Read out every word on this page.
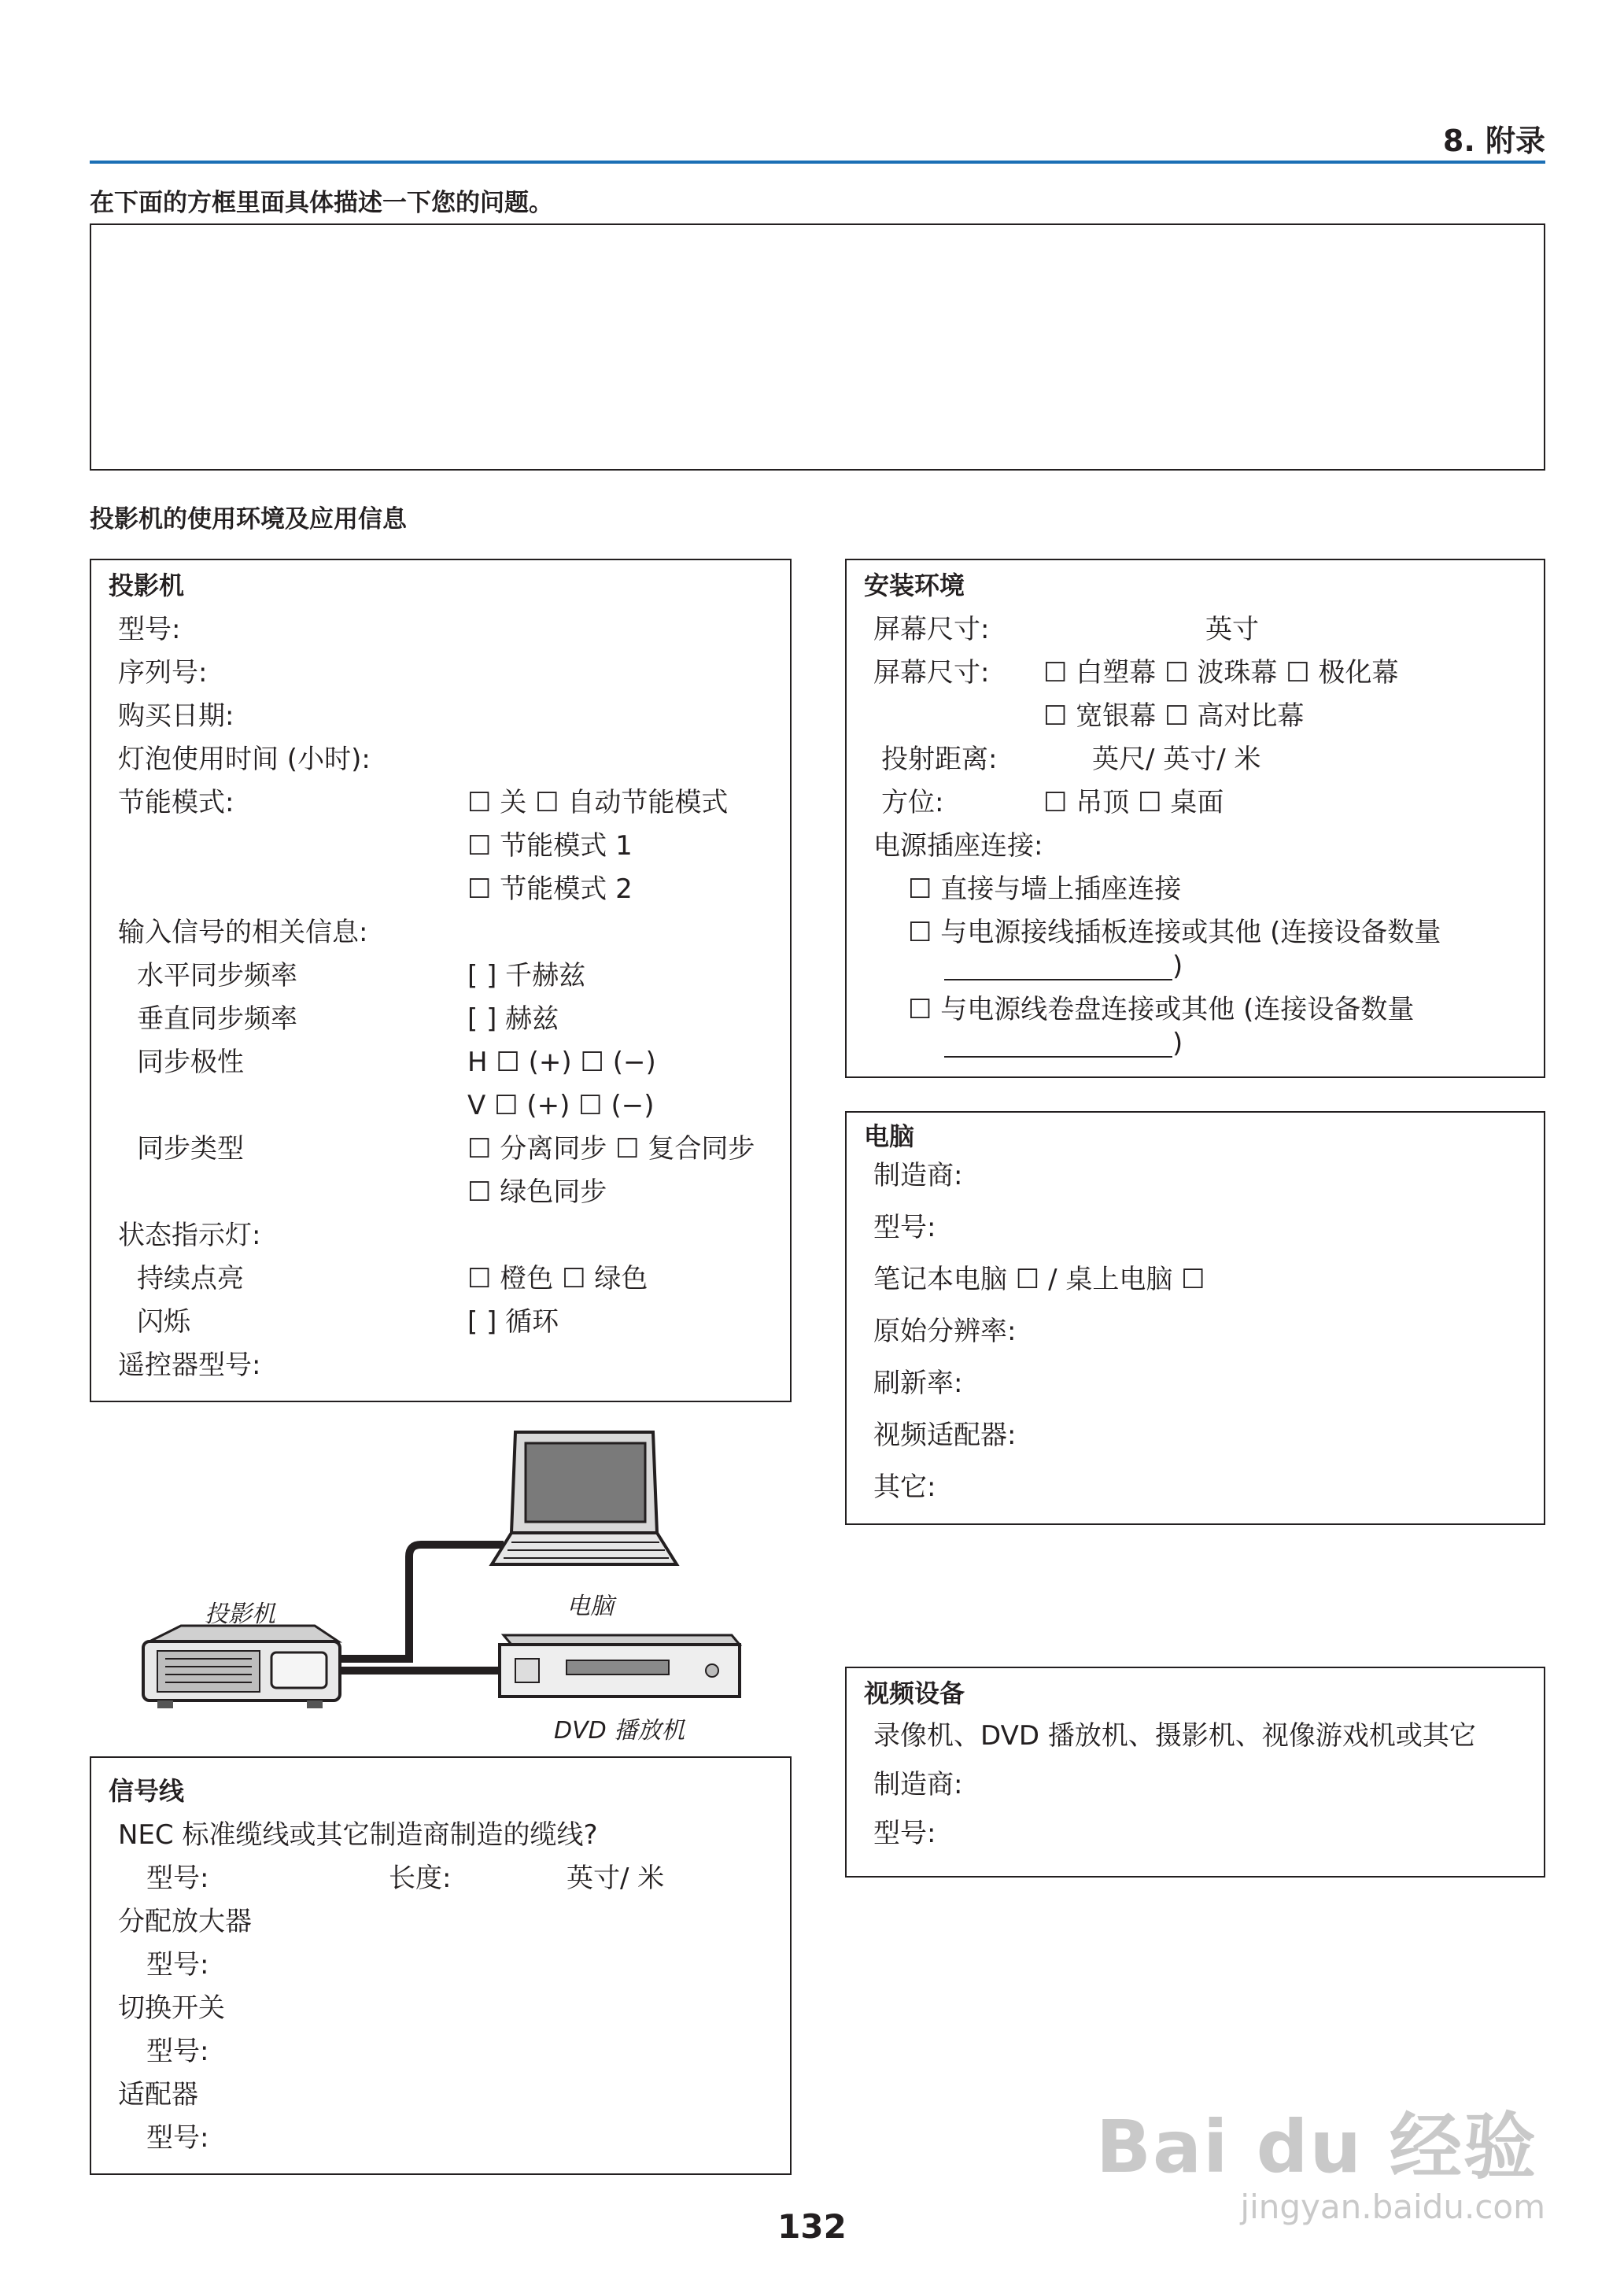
8. 附录
在下面的方框里面具体描述一下您的问题。
投影机的使用环境及应用信息
投影机
型号:
序列号:
购买日期:
灯泡使用时间 (小时):
节能模式:	☐ 关 ☐ 自动节能模式
☐ 节能模式 1
☐ 节能模式 2
输入信号的相关信息:
水平同步频率	[ ] 千赫兹
垂直同步频率	[ ] 赫兹
同步极性	H ☐ (+) ☐ (−)
V ☐ (+) ☐ (−)
同步类型	☐ 分离同步 ☐ 复合同步
☐ 绿色同步
状态指示灯:
持续点亮	☐ 橙色 ☐ 绿色
闪烁	[ ] 循环
遥控器型号:
安装环境
屏幕尺寸:	英寸
屏幕尺寸: ☐ 白塑幕 ☐ 波珠幕 ☐ 极化幕
☐ 宽银幕 ☐ 高对比幕
投射距离:	英尺/ 英寸/ 米
方位:	☐ 吊顶 ☐ 桌面
电源插座连接:
☐ 直接与墙上插座连接
☐ 与电源接线插板连接或其他 (连接设备数量
)
☐ 与电源线卷盘连接或其他 (连接设备数量
)
电脑
制造商:
型号:
笔记本电脑 ☐ / 桌上电脑 ☐
原始分辨率:
刷新率:
视频适配器:
其它:
投影机	电脑
DVD 播放机
视频设备
录像机、DVD 播放机、摄影机、视像游戏机或其它
制造商:
型号:
信号线
NEC 标准缆线或其它制造商制造的缆线?
型号:	长度:	英寸/ 米
分配放大器
型号:
切换开关
型号:
适配器
型号:
132
Bai du 经验
jingyan.baidu.com
